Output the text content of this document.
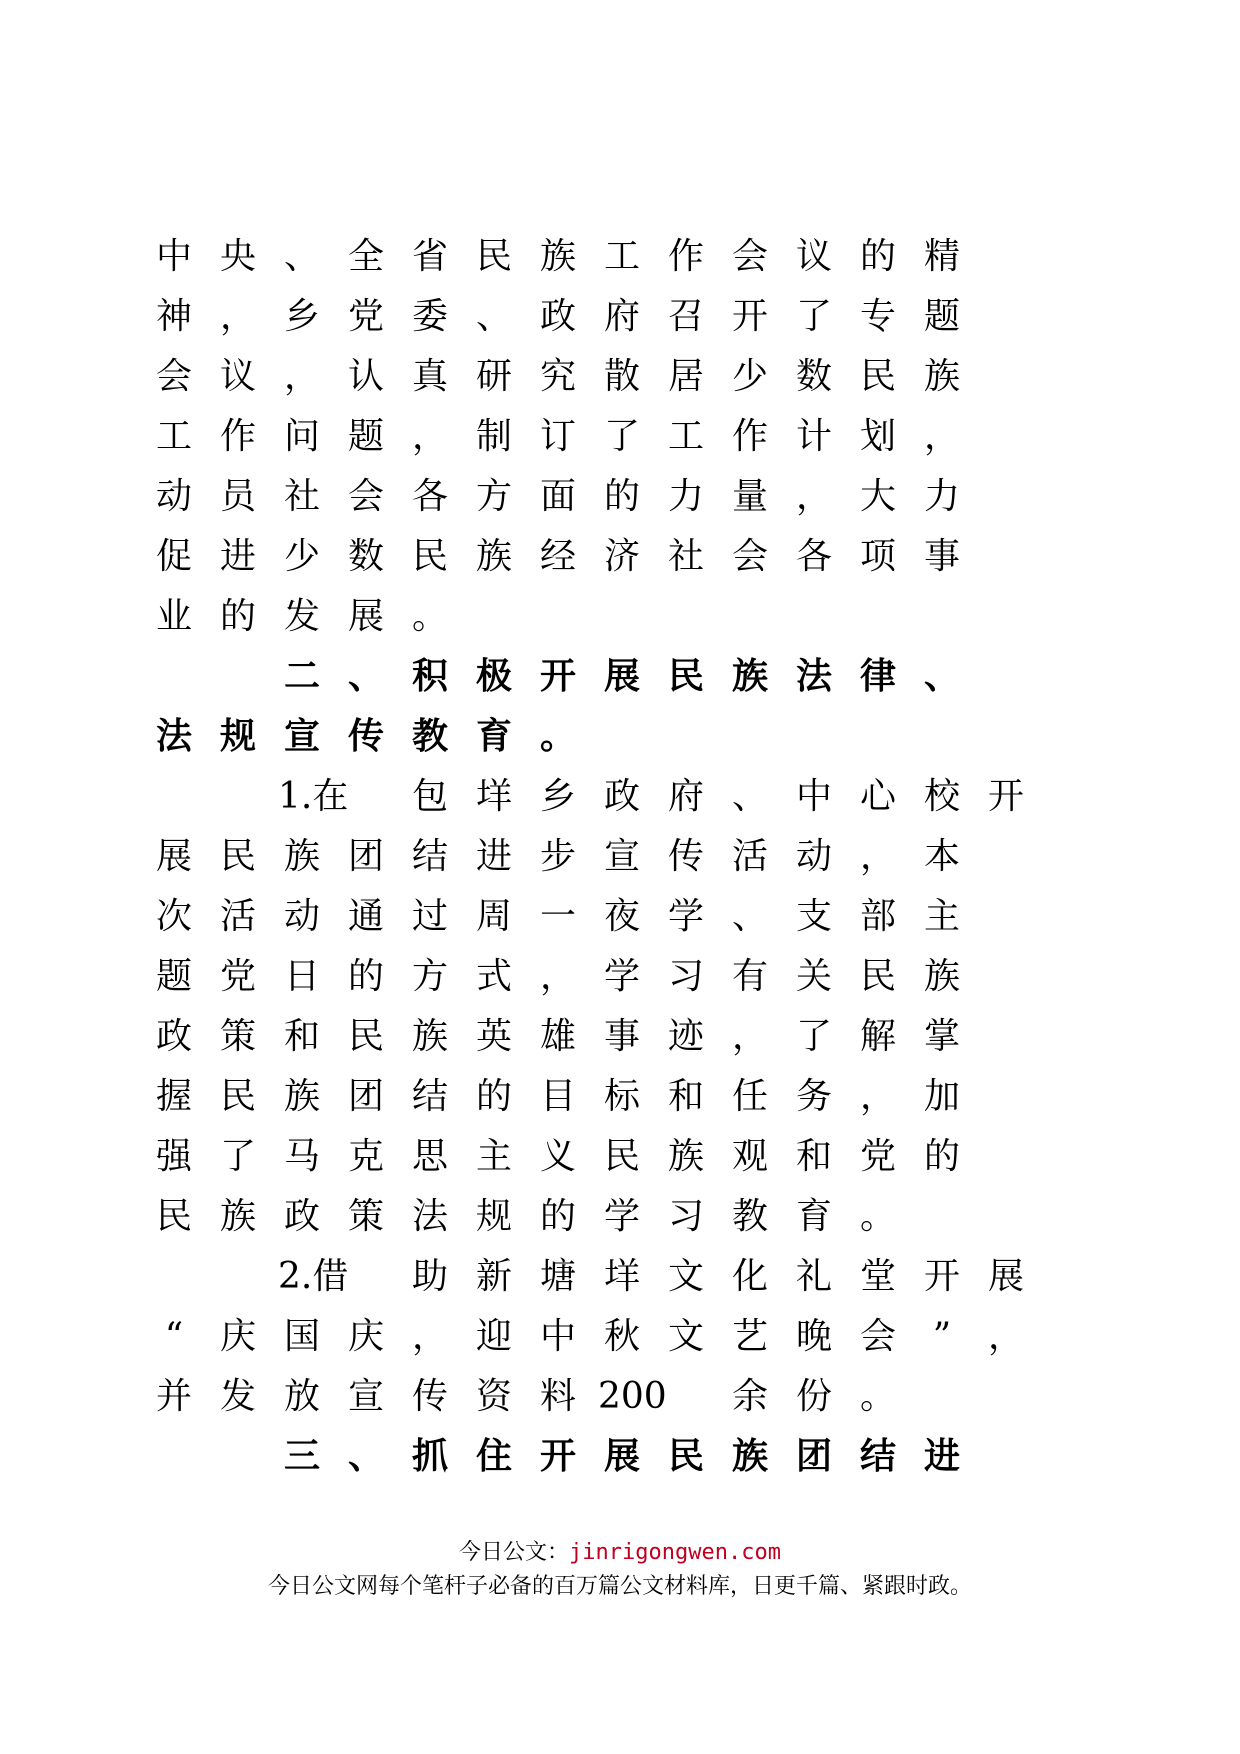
中 央 、 全 省 民 族 工 作 会 议 的 精
神 ， 乡 党 委 、 政 府 召 开 了 专 题
会 议 ， 认 真 研 究 散 居 少 数 民 族
工 作 问 题 ， 制 订 了 工 作 计 划 ，
动 员 社 会 各 方 面 的 力 量 ， 大 力
促 进 少 数 民 族 经 济 社 会 各 项 事
业 的 发 展 。
二 、 积 极 开 展 民 族 法 律 、
法 规 宣 传 教 育 。
1.在	包 垟 乡 政 府 、 中 心 校 开
展 民 族 团 结 进 步 宣 传 活 动 ， 本
次 活 动 通 过 周 一 夜 学 、 支 部 主
题 党 日 的 方 式 ， 学 习 有 关 民 族
政 策 和 民 族 英 雄 事 迹 ， 了 解 掌
握 民 族 团 结 的 目 标 和 任 务 ， 加
强 了 马 克 思 主 义 民 族 观 和 党 的
民 族 政 策 法 规 的 学 习 教 育 。
2.借	助 新 塘 垟 文 化 礼 堂 开 展
“	庆 国 庆 ， 迎 中 秋 文 艺 晚 会	”	，
并 发 放 宣 传 资 料 200	余 份 。
三 、 抓 住 开 展 民 族 团 结 进
今日公文：jinrigongwen.com
今日公文网每个笔杆子必备的百万篇公文材料库，日更千篇、紧跟时政。
